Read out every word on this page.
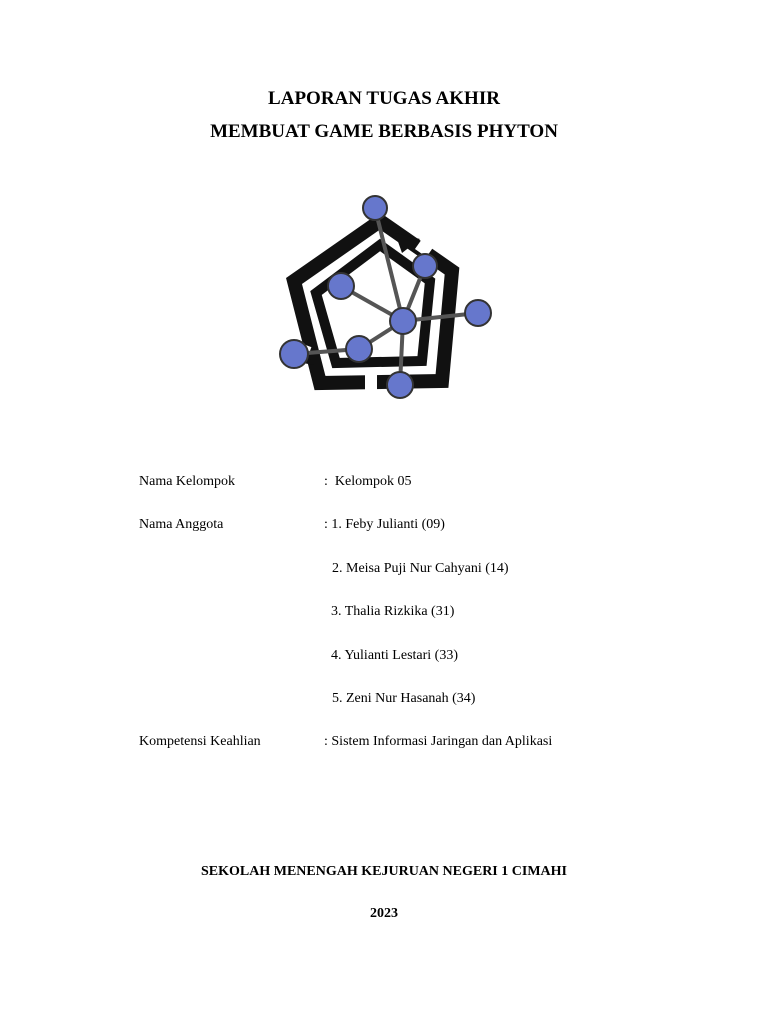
LAPORAN TUGAS AKHIR
MEMBUAT GAME BERBASIS PHYTON
Nama Kelompok	:  Kelompok 05
Nama Anggota	: 1. Feby Julianti (09)
2. Meisa Puji Nur Cahyani (14)
3. Thalia Rizkika (31)
4. Yulianti Lestari (33)
5. Zeni Nur Hasanah (34)
Kompetensi Keahlian	: Sistem Informasi Jaringan dan Aplikasi
SEKOLAH MENENGAH KEJURUAN NEGERI 1 CIMAHI
2023
